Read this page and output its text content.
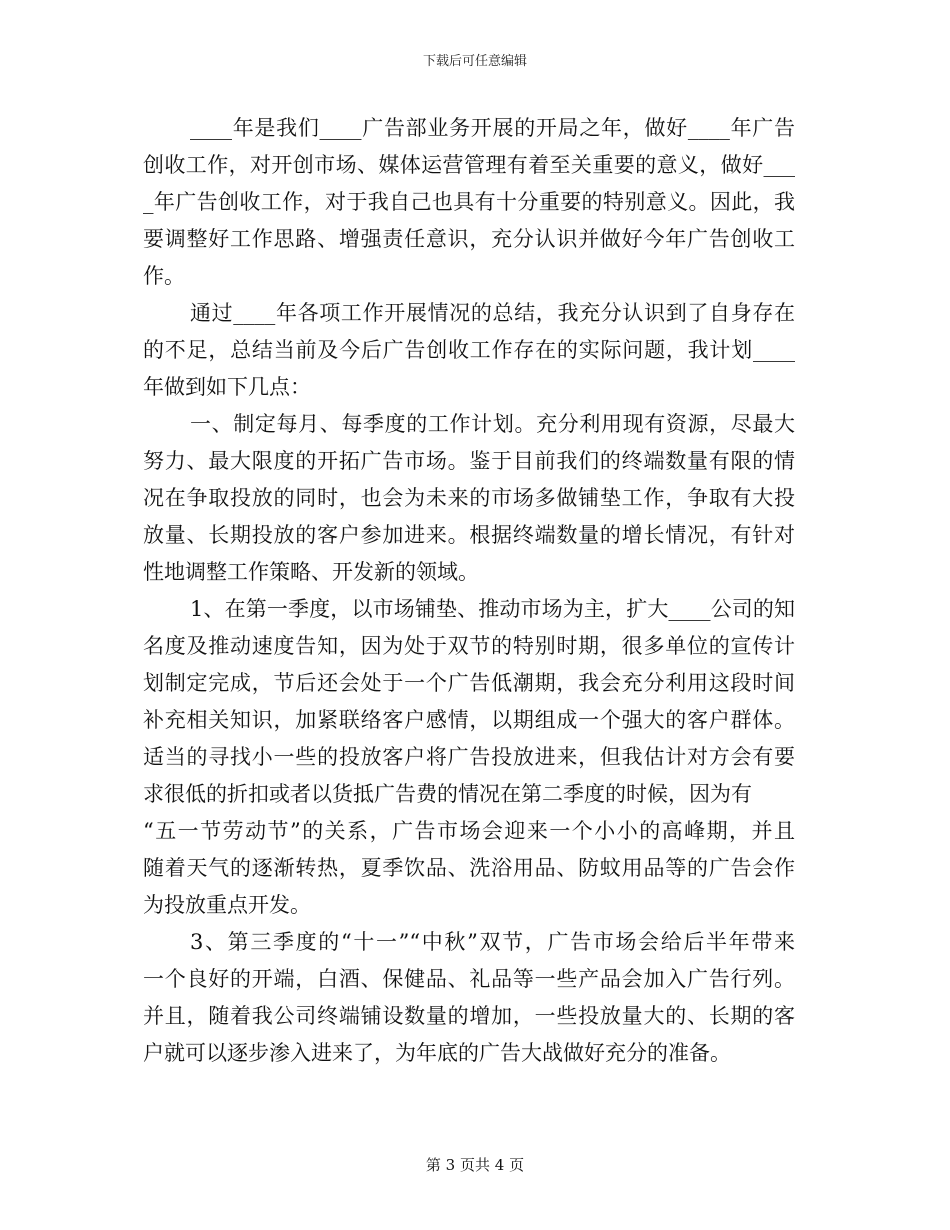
下载后可任意编辑
____年是我们____广告部业务开展的开局之年，做好____年广告
创收工作，对开创市场、媒体运营管理有着至关重要的意义，做好___
_年广告创收工作，对于我自己也具有十分重要的特别意义。因此，我
要调整好工作思路、增强责任意识，充分认识并做好今年广告创收工
作。
通过____年各项工作开展情况的总结，我充分认识到了自身存在
的不足，总结当前及今后广告创收工作存在的实际问题，我计划____
年做到如下几点：
一、制定每月、每季度的工作计划。充分利用现有资源，尽最大
努力、最大限度的开拓广告市场。鉴于目前我们的终端数量有限的情
况在争取投放的同时，也会为未来的市场多做铺垫工作，争取有大投
放量、长期投放的客户参加进来。根据终端数量的增长情况，有针对
性地调整工作策略、开发新的领域。
1、在第一季度，以市场铺垫、推动市场为主，扩大____公司的知
名度及推动速度告知，因为处于双节的特别时期，很多单位的宣传计
划制定完成，节后还会处于一个广告低潮期，我会充分利用这段时间
补充相关知识，加紧联络客户感情，以期组成一个强大的客户群体。
适当的寻找小一些的投放客户将广告投放进来，但我估计对方会有要
求很低的折扣或者以货抵广告费的情况在第二季度的时候，因为有
“五一节劳动节”的关系，广告市场会迎来一个小小的高峰期，并且
随着天气的逐渐转热，夏季饮品、洗浴用品、防蚊用品等的广告会作
为投放重点开发。
3、第三季度的“十一”“中秋”双节，广告市场会给后半年带来
一个良好的开端，白酒、保健品、礼品等一些产品会加入广告行列。
并且，随着我公司终端铺设数量的增加，一些投放量大的、长期的客
户就可以逐步渗入进来了，为年底的广告大战做好充分的准备。
第 3 页共 4 页
